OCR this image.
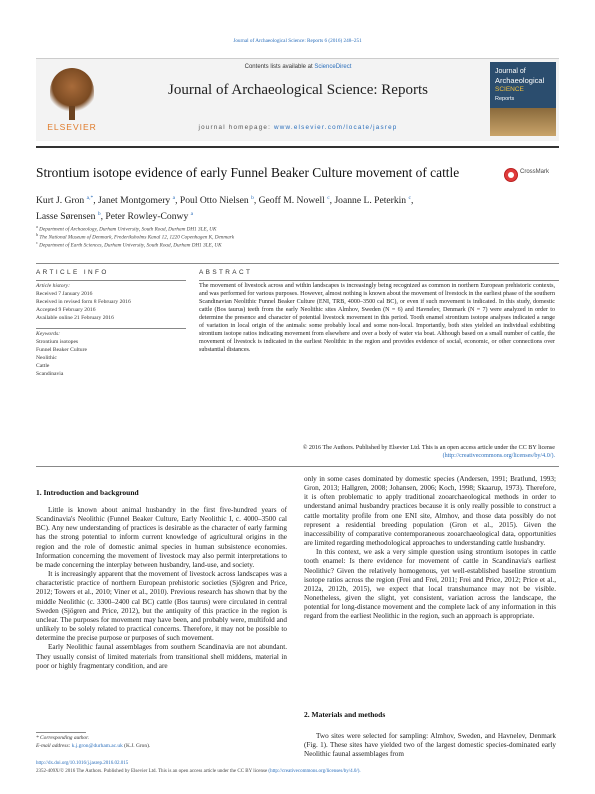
Journal of Archaeological Science: Reports 6 (2016) 248–251
ELSEVIER
Contents lists available at ScienceDirect
Journal of Archaeological Science: Reports
journal homepage: www.elsevier.com/locate/jasrep
Journal of
Archaeological
SCIENCE
Reports
Strontium isotope evidence of early Funnel Beaker Culture movement of cattle	CrossMark
Kurt J. Gron $^{a,*}$, Janet Montgomery $^a$, Poul Otto Nielsen $^b$, Geoff M. Nowell $^c$, Joanne L. Peterkin $^c$,
Lasse Sørensen $^b$, Peter Rowley-Conwy $^a$
$^a$ Department of Archaeology, Durham University, South Road, Durham DH1 3LE, UK
$^b$ The National Museum of Denmark, Frederiksholms Kanal 12, 1220 Copenhagen K, Denmark
$^c$ Department of Earth Sciences, Durham University, South Road, Durham DH1 3LE, UK
ARTICLE INFO
Article history:
Received 7 January 2016
Received in revised form 8 February 2016
Accepted 9 February 2016
Available online 21 February 2016
Keywords:
Strontium isotopes
Funnel Beaker Culture
Neolithic
Cattle
Scandinavia
ABSTRACT
The movement of livestock across and within landscapes is increasingly being recognized as common in northern European prehistoric contexts, and was performed for various purposes. However, almost nothing is known about the movement of livestock in the earliest phase of the southern Scandinavian Neolithic Funnel Beaker Culture (ENI, TRB, 4000–3500 cal BC), or even if such movement is indicated. In this study, domestic cattle (Bos taurus) teeth from the early Neolithic sites Almhov, Sweden (N = 6) and Havnelev, Denmark (N = 7) were analyzed in order to determine the presence and character of potential livestock movement in this period. Tooth enamel strontium isotope analyses indicated a range of variation in local origin of the animals: some probably local and some non-local. Importantly, both sites yielded an individual exhibiting strontium isotope ratios indicating movement from elsewhere and over a body of water via boat. Although based on a small number of cattle, the movement of livestock is indicated in the earliest Neolithic in the region and provides evidence of social, economic, or other connections over substantial distances.
© 2016 The Authors. Published by Elsevier Ltd. This is an open access article under the CC BY license
(http://creativecommons.org/licenses/by/4.0/).
1. Introduction and background

Little is known about animal husbandry in the first five-hundred years of Scandinavia's Neolithic (Funnel Beaker Culture, Early Neolithic I, c. 4000–3500 cal BC). Any new understanding of practices is desirable as the character of early farming has the strong potential to inform current knowledge of agricultural origins in the region and the role of domestic animal species in human subsistence economies. Information concerning the movement of livestock may also permit interpretations to be made concerning the interplay between husbandry, land-use, and society.

It is increasingly apparent that the movement of livestock across landscapes was a characteristic practice of northern European prehistoric societies (Sjögren and Price, 2012; Towers et al., 2010; Viner et al., 2010). Previous research has shown that by the middle Neolithic (c. 3300–2400 cal BC) cattle (Bos taurus) were circulated in central Sweden (Sjögren and Price, 2012), but the antiquity of this practice in the region is unclear. The purposes for movement may have been, and probably were, multifold and unlikely to be solely related to practical concerns. Therefore, it may not be possible to determine the precise purpose or purposes of such movement.

Early Neolithic faunal assemblages from southern Scandinavia are not abundant. They usually consist of limited materials from transitional shell middens, material in poor or highly fragmentary condition, and are

* Corresponding author.
E-mail address: k.j.gron@durham.ac.uk (K.J. Gron).
http://dx.doi.org/10.1016/j.jasrep.2016.02.015
2352-409X/© 2016 The Authors. Published by Elsevier Ltd. This is an open access article under the CC BY license (http://creativecommons.org/licenses/by/4.0/).

only in some cases dominated by domestic species (Andersen, 1991; Bratlund, 1993; Gron, 2013; Hallgren, 2008; Johansen, 2006; Koch, 1998; Skaarup, 1973). Therefore, it is often problematic to apply traditional zooarchaeological methods in order to understand animal husbandry practices because it is only really possible to construct a cattle mortality profile from one ENI site, Almhov, and those data possibly do not represent a residential breeding population (Gron et al., 2015). Given the inaccessibility of comparative contemporaneous zooarchaeological data, opportunities are limited regarding methodological approaches to understanding cattle husbandry.

In this context, we ask a very simple question using strontium isotopes in cattle tooth enamel: Is there evidence for movement of cattle in Scandinavia's earliest Neolithic? Given the relatively homogenous, yet well-established baseline strontium isotope ratios across the region (Frei and Frei, 2011; Frei and Price, 2012; Price et al., 2012a, 2012b, 2015), we expect that local transhumance may not be visible. Nonetheless, given the slight, yet consistent, variation across the landscape, the potential for long-distance movement and the complete lack of any information in this regard from the earliest Neolithic in the region, such an approach is appropriate.

2. Materials and methods

Two sites were selected for sampling: Almhov, Sweden, and Havnelev, Denmark (Fig. 1). These sites have yielded two of the largest domestic species-dominated early Neolithic faunal assemblages from
